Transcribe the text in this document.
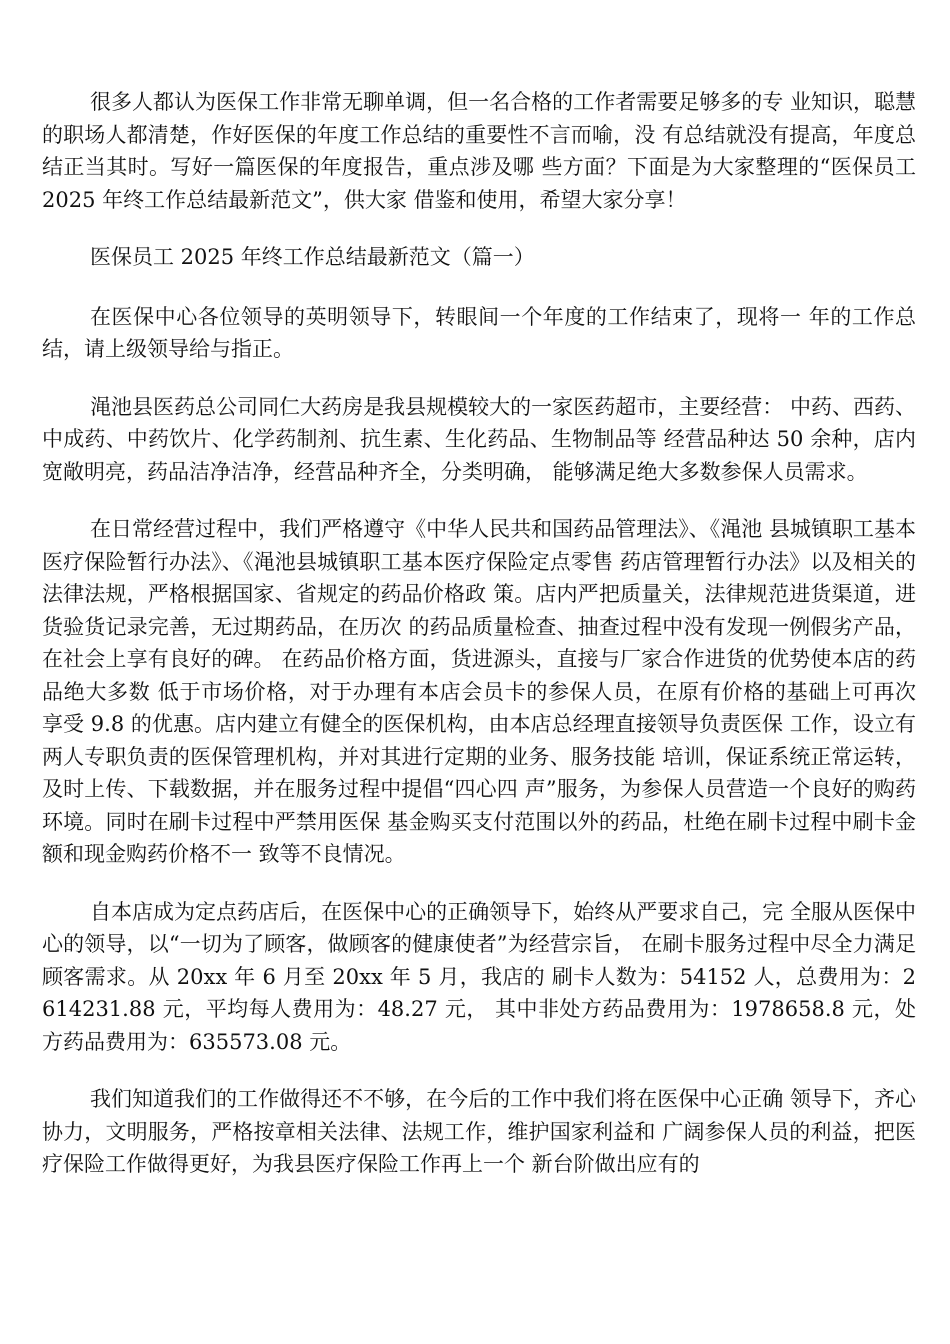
很多人都认为医保工作非常无聊单调，但一名合格的工作者需要足够多的专 业知识，聪慧的职场人都清楚，作好医保的年度工作总结的重要性不言而喻，没 有总结就没有提高，年度总结正当其时。写好一篇医保的年度报告，重点涉及哪 些方面？下面是为大家整理的“医保员工 2025 年终工作总结最新范文”，供大家 借鉴和使用，希望大家分享！

医保员工 2025 年终工作总结最新范文（篇一）

在医保中心各位领导的英明领导下，转眼间一个年度的工作结束了，现将一 年的工作总结，请上级领导给与指正。

渑池县医药总公司同仁大药房是我县规模较大的一家医药超市，主要经营： 中药、西药、中成药、中药饮片、化学药制剂、抗生素、生化药品、生物制品等 经营品种达 50 余种，店内宽敞明亮，药品洁净洁净，经营品种齐全，分类明确， 能够满足绝大多数参保人员需求。

在日常经营过程中，我们严格遵守《中华人民共和国药品管理法》、《渑池 县城镇职工基本医疗保险暂行办法》、《渑池县城镇职工基本医疗保险定点零售 药店管理暂行办法》以及相关的法律法规，严格根据国家、省规定的药品价格政 策。店内严把质量关，法律规范进货渠道，进货验货记录完善，无过期药品，在历次 的药品质量检查、抽查过程中没有发现一例假劣产品，在社会上享有良好的碑。 在药品价格方面，货进源头，直接与厂家合作进货的优势使本店的药品绝大多数 低于市场价格，对于办理有本店会员卡的参保人员，在原有价格的基础上可再次 享受 9.8 的优惠。店内建立有健全的医保机构，由本店总经理直接领导负责医保 工作，设立有两人专职负责的医保管理机构，并对其进行定期的业务、服务技能 培训，保证系统正常运转，及时上传、下载数据，并在服务过程中提倡“四心四 声”服务，为参保人员营造一个良好的购药环境。同时在刷卡过程中严禁用医保 基金购买支付范围以外的药品，杜绝在刷卡过程中刷卡金额和现金购药价格不一 致等不良情况。

自本店成为定点药店后，在医保中心的正确领导下，始终从严要求自己，完 全服从医保中心的领导，以“一切为了顾客，做顾客的健康使者”为经营宗旨， 在刷卡服务过程中尽全力满足顾客需求。从 20xx 年 6 月至 20xx 年 5 月，我店的 刷卡人数为：54152 人，总费用为：2614231.88 元，平均每人费用为：48.27 元， 其中非处方药品费用为：1978658.8 元，处方药品费用为：635573.08 元。

我们知道我们的工作做得还不不够，在今后的工作中我们将在医保中心正确 领导下，齐心协力，文明服务，严格按章相关法律、法规工作，维护国家利益和 广阔参保人员的利益，把医疗保险工作做得更好，为我县医疗保险工作再上一个 新台阶做出应有的
